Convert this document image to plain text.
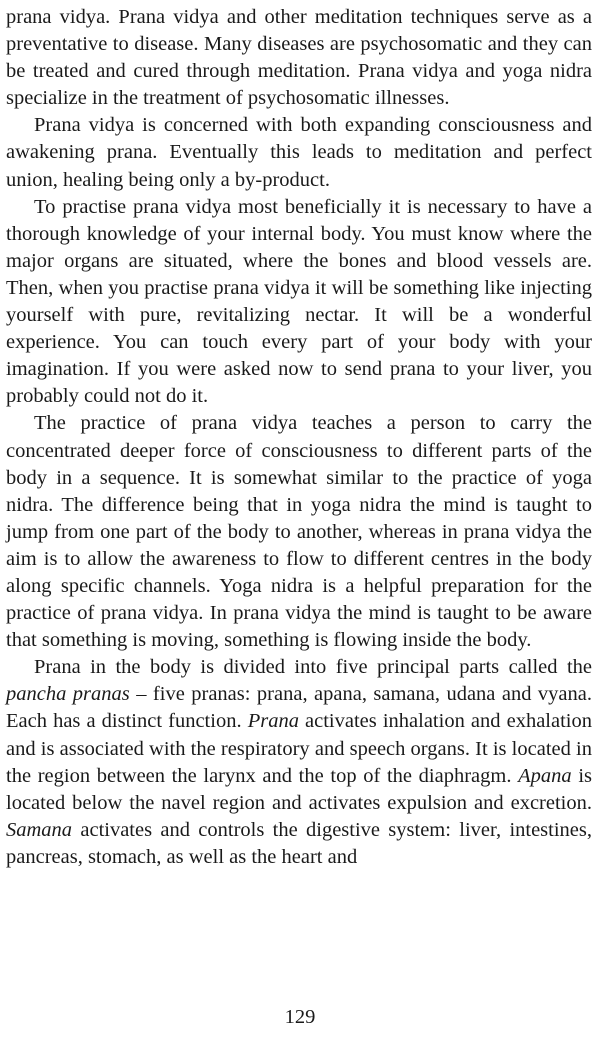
prana vidya. Prana vidya and other meditation techniques serve as a preventative to disease. Many diseases are psychosomatic and they can be treated and cured through meditation. Prana vidya and yoga nidra specialize in the treatment of psychosomatic illnesses.

Prana vidya is concerned with both expanding consciousness and awakening prana. Eventually this leads to meditation and perfect union, healing being only a by-product.

To practise prana vidya most beneficially it is necessary to have a thorough knowledge of your internal body. You must know where the major organs are situated, where the bones and blood vessels are. Then, when you practise prana vidya it will be something like injecting yourself with pure, revitalizing nectar. It will be a wonderful experience. You can touch every part of your body with your imagination. If you were asked now to send prana to your liver, you probably could not do it.

The practice of prana vidya teaches a person to carry the concentrated deeper force of consciousness to different parts of the body in a sequence. It is somewhat similar to the practice of yoga nidra. The difference being that in yoga nidra the mind is taught to jump from one part of the body to another, whereas in prana vidya the aim is to allow the awareness to flow to different centres in the body along specific channels. Yoga nidra is a helpful preparation for the practice of prana vidya. In prana vidya the mind is taught to be aware that something is moving, something is flowing inside the body.

Prana in the body is divided into five principal parts called the pancha pranas – five pranas: prana, apana, samana, udana and vyana. Each has a distinct function. Prana activates inhalation and exhalation and is associated with the respiratory and speech organs. It is located in the region between the larynx and the top of the diaphragm. Apana is located below the navel region and activates expulsion and excretion. Samana activates and controls the digestive system: liver, intestines, pancreas, stomach, as well as the heart and

129
